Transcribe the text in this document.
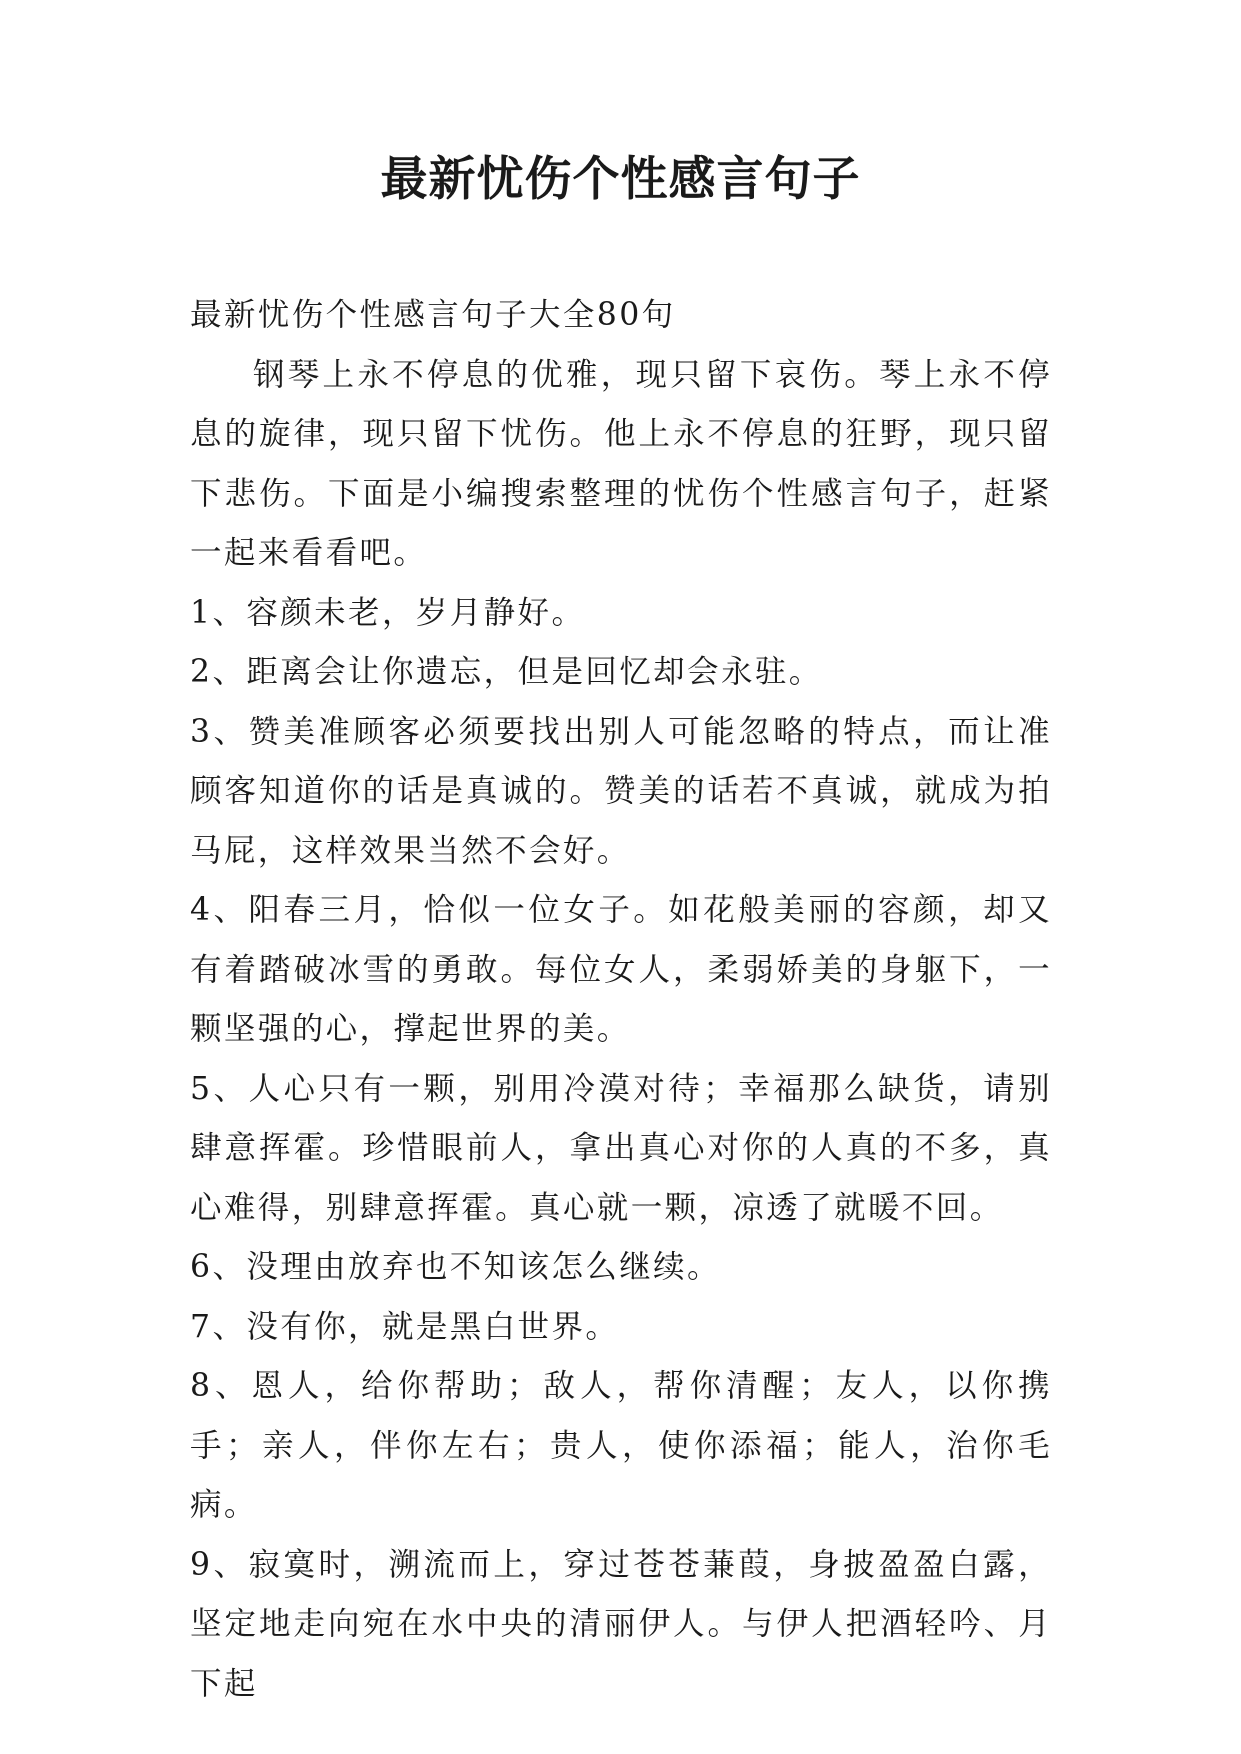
最新忧伤个性感言句子

最新忧伤个性感言句子大全80句

钢琴上永不停息的优雅，现只留下哀伤。琴上永不停息的旋律，现只留下忧伤。他上永不停息的狂野，现只留下悲伤。下面是小编搜索整理的忧伤个性感言句子，赶紧一起来看看吧。

1、容颜未老，岁月静好。

2、距离会让你遗忘，但是回忆却会永驻。

3、赞美准顾客必须要找出别人可能忽略的特点，而让准顾客知道你的话是真诚的。赞美的话若不真诚，就成为拍马屁，这样效果当然不会好。

4、阳春三月，恰似一位女子。如花般美丽的容颜，却又有着踏破冰雪的勇敢。每位女人，柔弱娇美的身躯下，一颗坚强的心，撑起世界的美。

5、人心只有一颗，别用冷漠对待；幸福那么缺货，请别肆意挥霍。珍惜眼前人，拿出真心对你的人真的不多，真心难得，别肆意挥霍。真心就一颗，凉透了就暖不回。

6、没理由放弃也不知该怎么继续。

7、没有你，就是黑白世界。

8、恩人，给你帮助；敌人，帮你清醒；友人，以你携手；亲人，伴你左右；贵人，使你添福；能人，治你毛病。

9、寂寞时，溯流而上，穿过苍苍蒹葭，身披盈盈白露，坚定地走向宛在水中央的清丽伊人。与伊人把酒轻吟、月下起
